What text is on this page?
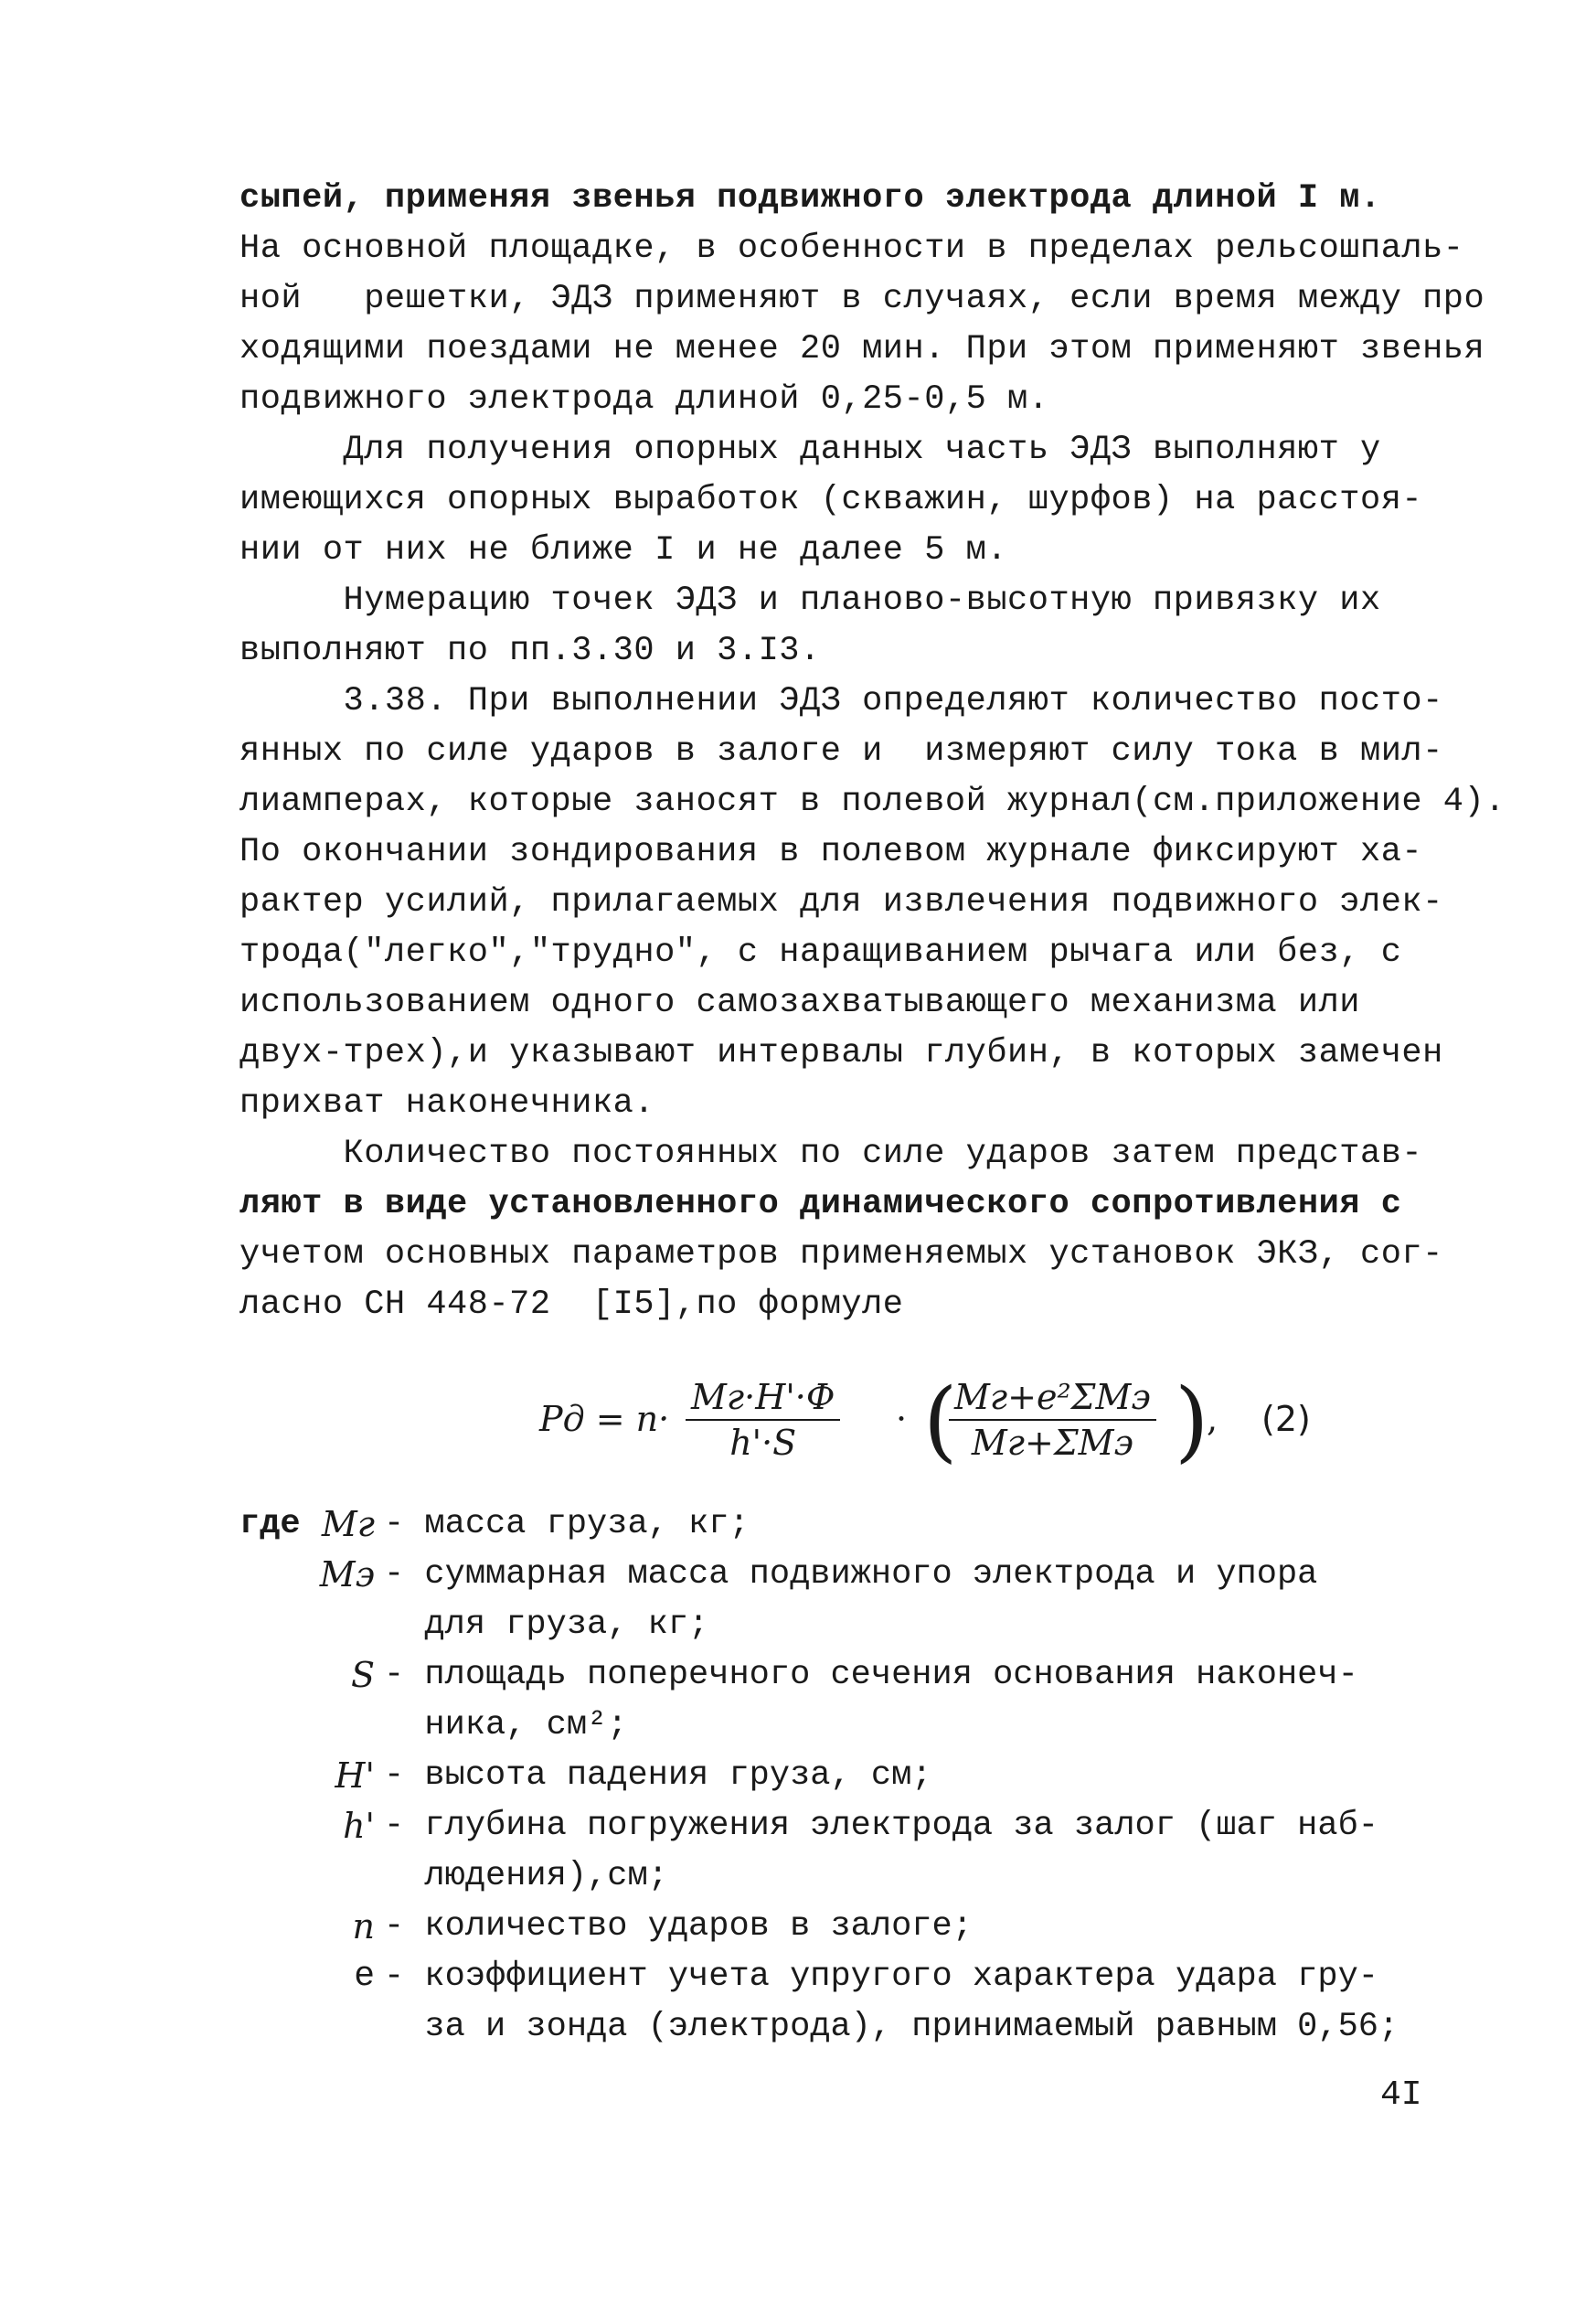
сыпей, применяя звенья подвижного электрода длиной I м.
На основной площадке, в особенности в пределах рельсошпаль-
ной   решетки, ЭДЗ применяют в случаях, если время между про
ходящими поездами не менее 20 мин. При этом применяют звенья
подвижного электрода длиной 0,25-0,5 м.
Для получения опорных данных часть ЭДЗ выполняют у
имеющихся опорных выработок (скважин, шурфов) на расстоя-
нии от них не ближе I и не далее 5 м.
Нумерацию точек ЭДЗ и планово-высотную привязку их
выполняют по пп.3.30 и 3.I3.
3.38. При выполнении ЭДЗ определяют количество посто-
янных по силе ударов в залоге и  измеряют силу тока в мил-
лиамперах, которые заносят в полевой журнал(см.приложение 4).
По окончании зондирования в полевом журнале фиксируют ха-
рактер усилий, прилагаемых для извлечения подвижного элек-
трода("легко","трудно", с наращиванием рычага или без, с
использованием одного самозахватывающего механизма или
двух-трех),и указывают интервалы глубин, в которых замечен
прихват наконечника.
Количество постоянных по силе ударов затем представ-
ляют в виде установленного динамического сопротивления с
учетом основных параметров применяемых установок ЭКЗ, сог-
ласно СН 448-72  [I5],по формуле
Pд = n·
Mг·H'·Ф
h'·S
· (
Mг+e²ΣMэ
Mг+ΣMэ )
, (2)
где Mг - масса груза, кг;
Mэ - суммарная масса подвижного электрода и упора
для груза, кг;
S - площадь поперечного сечения основания наконеч-
ника, см²;
H' - высота падения груза, см;
h' - глубина погружения электрода за залог (шаг наб-
людения),см;
n - количество ударов в залоге;
e - коэффициент учета упругого характера удара гру-
за и зонда (электрода), принимаемый равным 0,56;
4I
